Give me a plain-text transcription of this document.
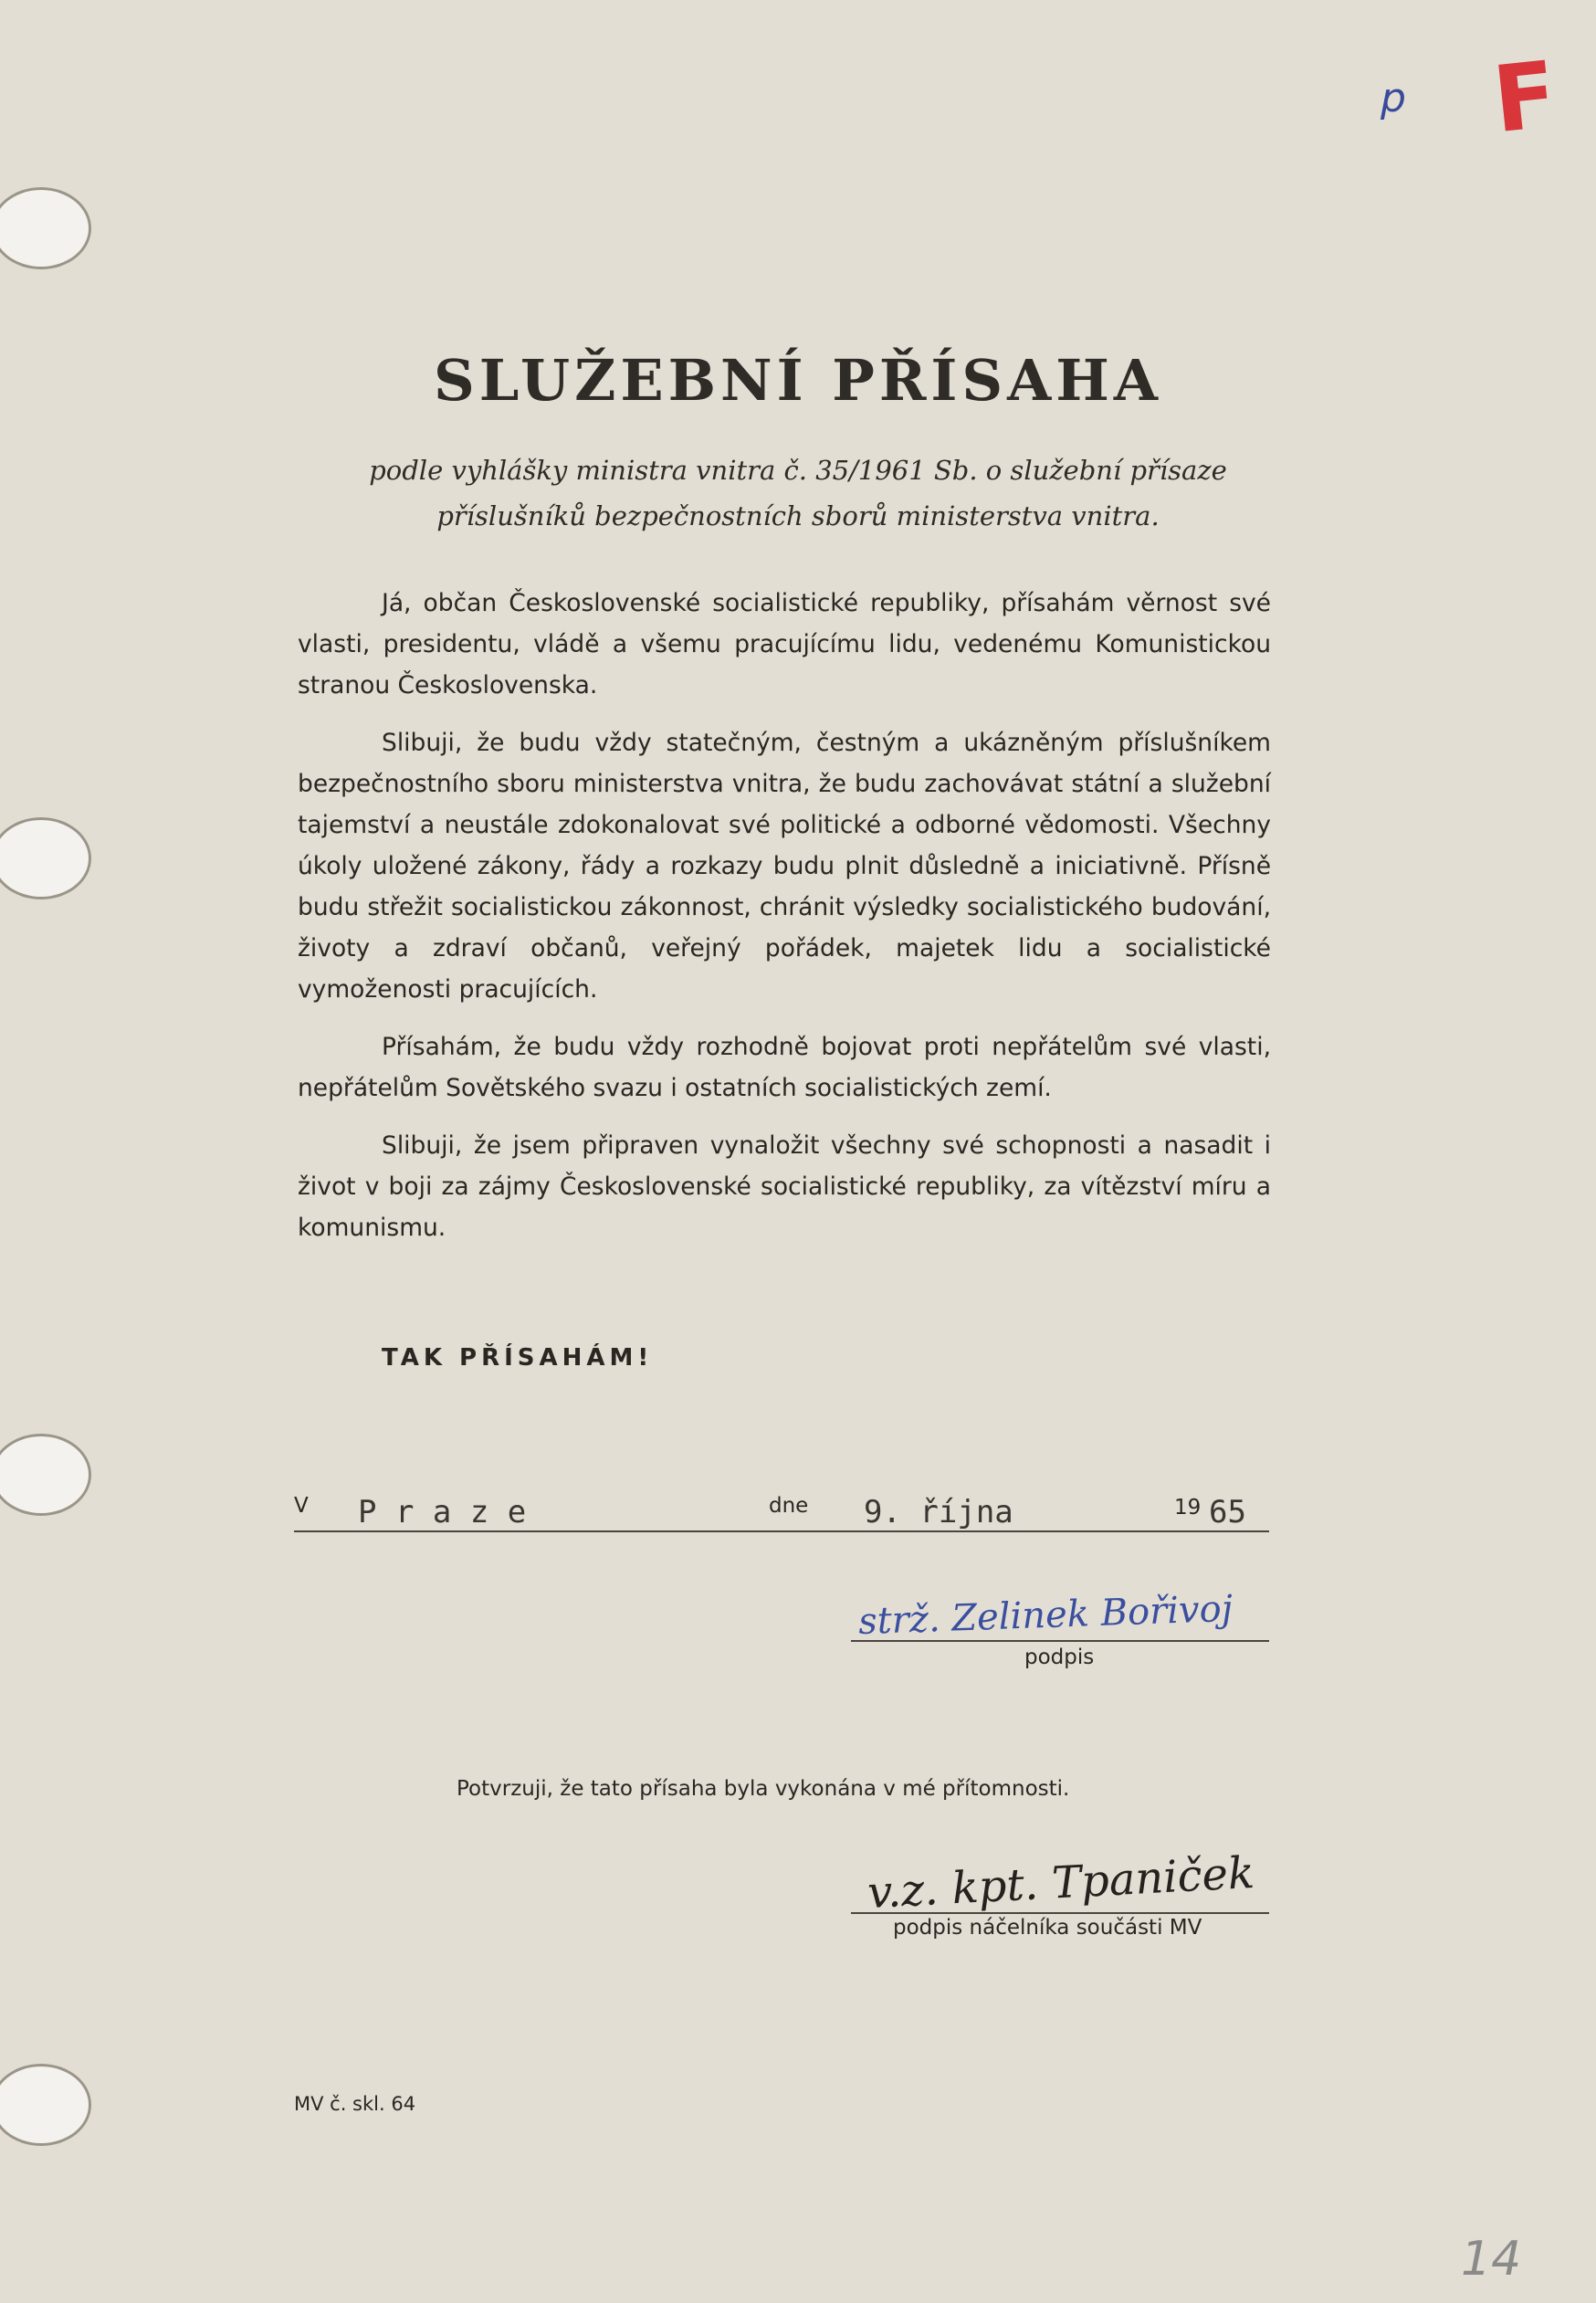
p F
SLUŽEBNÍ PŘÍSAHA
podle vyhlášky ministra vnitra č. 35/1961 Sb. o služební přísaze
příslušníků bezpečnostních sborů ministerstva vnitra.

Já, občan Československé socialistické republiky, přísahám věrnost své vlasti, presidentu, vládě a všemu pracujícímu lidu, vedenému Komunistickou stranou Československa.

Slibuji, že budu vždy statečným, čestným a ukázněným příslušníkem bezpečnostního sboru ministerstva vnitra, že budu zachovávat státní a služební tajemství a neustále zdokonalovat své politické a odborné vědomosti. Všechny úkoly uložené zákony, řády a rozkazy budu plnit důsledně a iniciativně. Přísně budu střežit socialistickou zákonnost, chránit výsledky socialistického budování, životy a zdraví občanů, veřejný pořádek, majetek lidu a socialistické vymoženosti pracujících.

Přísahám, že budu vždy rozhodně bojovat proti nepřátelům své vlasti, nepřátelům Sovětského svazu i ostatních socialistických zemí.

Slibuji, že jsem připraven vynaložit všechny své schopnosti a nasadit i život v boji za zájmy Československé socialistické republiky, za vítězství míru a komunismu.

TAK PŘÍSAHÁM!
V P r a z e	dne 9. října	19 65
strž. Zelinek Bořivoj
podpis
Potvrzuji, že tato přísaha byla vykonána v mé přítomnosti.
v.z. kpt. Tpaniček
podpis náčelníka součásti MV
MV č. skl. 64
14
